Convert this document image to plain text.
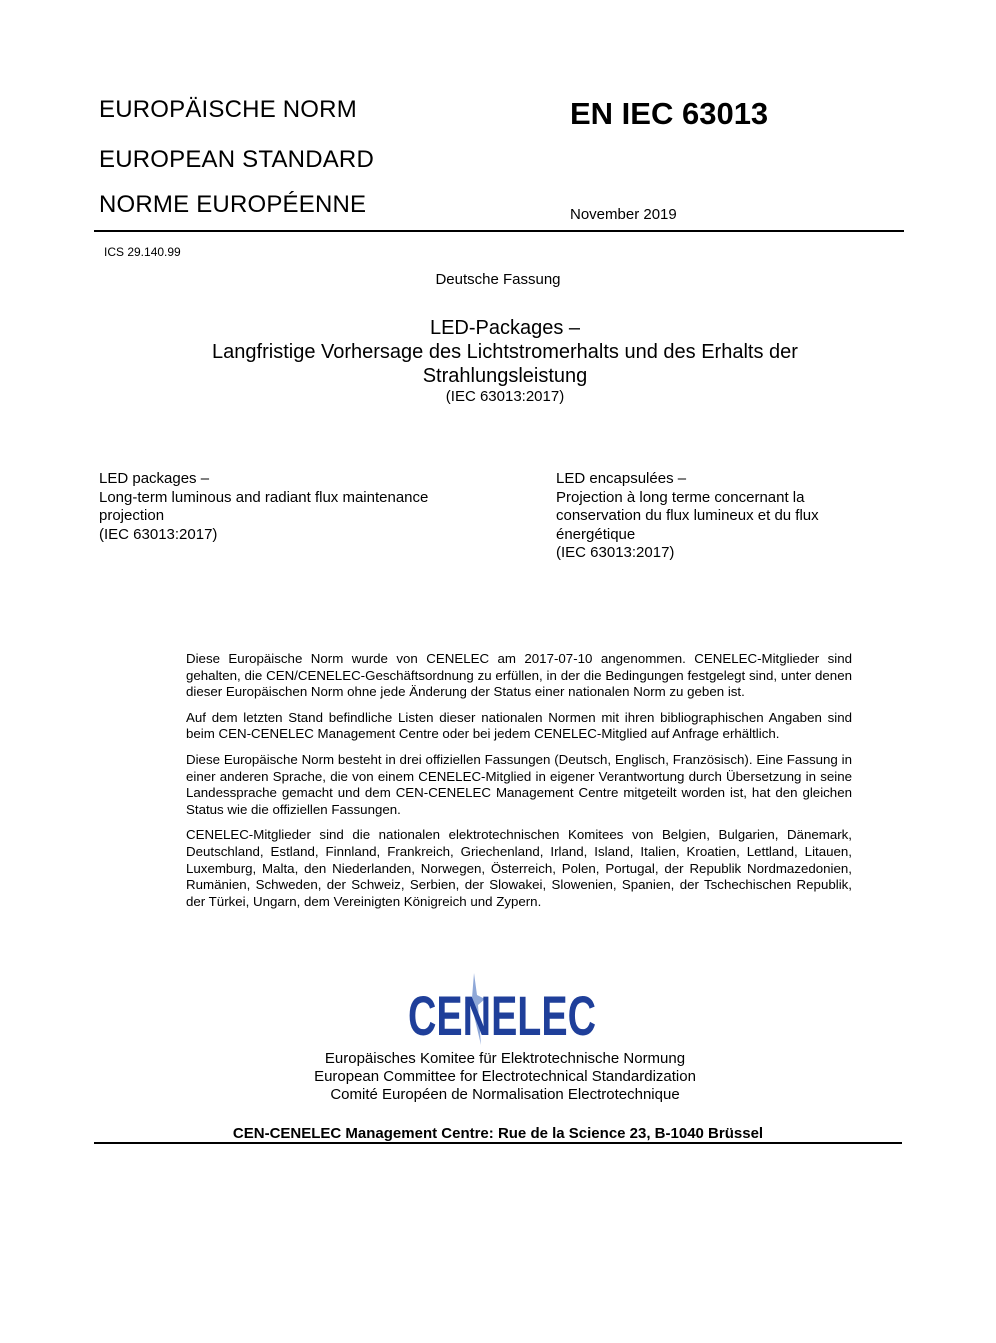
EUROPÄISCHE NORM
EUROPEAN STANDARD
NORME EUROPÉENNE
EN IEC 63013
November 2019
ICS 29.140.99
Deutsche Fassung
LED-Packages –
Langfristige Vorhersage des Lichtstromerhalts und des Erhalts der
Strahlungsleistung
(IEC 63013:2017)
LED packages –
Long-term luminous and radiant flux maintenance
projection
(IEC 63013:2017)
LED encapsulées –
Projection à long terme concernant la
conservation du flux lumineux et du flux
énergétique
(IEC 63013:2017)

Diese Europäische Norm wurde von CENELEC am 2017-07-10 angenommen. CENELEC-Mitglieder sind gehalten, die CEN/CENELEC-Geschäftsordnung zu erfüllen, in der die Bedingungen festgelegt sind, unter denen dieser Europäischen Norm ohne jede Änderung der Status einer nationalen Norm zu geben ist.

Auf dem letzten Stand befindliche Listen dieser nationalen Normen mit ihren bibliographischen Angaben sind beim CEN-CENELEC Management Centre oder bei jedem CENELEC-Mitglied auf Anfrage erhältlich.

Diese Europäische Norm besteht in drei offiziellen Fassungen (Deutsch, Englisch, Französisch). Eine Fassung in einer anderen Sprache, die von einem CENELEC-Mitglied in eigener Verantwortung durch Übersetzung in seine Landessprache gemacht und dem CEN-CENELEC Management Centre mitgeteilt worden ist, hat den gleichen Status wie die offiziellen Fassungen.

CENELEC-Mitglieder sind die nationalen elektrotechnischen Komitees von Belgien, Bulgarien, Dänemark, Deutschland, Estland, Finnland, Frankreich, Griechenland, Irland, Island, Italien, Kroatien, Lettland, Litauen, Luxemburg, Malta, den Niederlanden, Norwegen, Österreich, Polen, Portugal, der Republik Nordmazedonien, Rumänien, Schweden, der Schweiz, Serbien, der Slowakei, Slowenien, Spanien, der Tschechischen Republik, der Türkei, Ungarn, dem Vereinigten Königreich und Zypern.

CENELEC
Europäisches Komitee für Elektrotechnische Normung
European Committee for Electrotechnical Standardization
Comité Européen de Normalisation Electrotechnique
CEN-CENELEC Management Centre: Rue de la Science 23, B-1040 Brüssel
